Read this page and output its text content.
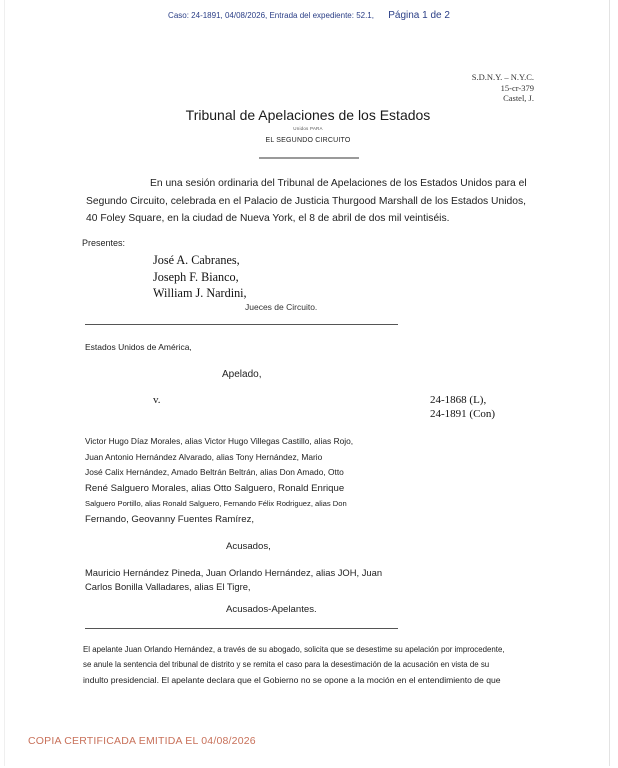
Caso: 24-1891, 04/08/2026, Entrada del expediente: 52.1, Página 1 de 2
S.D.N.Y. – N.Y.C.
15-cr-379
Castel, J.
Tribunal de Apelaciones de los Estados
Unidos PARA
EL SEGUNDO CIRCUITO
En una sesión ordinaria del Tribunal de Apelaciones de los Estados Unidos para el
Segundo Circuito, celebrada en el Palacio de Justicia Thurgood Marshall de los Estados Unidos,
40 Foley Square, en la ciudad de Nueva York, el 8 de abril de dos mil veintiséis.
Presentes:
José A. Cabranes,
Joseph F. Bianco,
William J. Nardini,
Jueces de Circuito.
Estados Unidos de América,
Apelado,
v.	24-1868 (L),
24-1891 (Con)
Victor Hugo Díaz Morales, alias Victor Hugo Villegas Castillo, alias Rojo,
Juan Antonio Hernández Alvarado, alias Tony Hernández, Mario
José Calix Hernández, Amado Beltrán Beltrán, alias Don Amado, Otto
René Salguero Morales, alias Otto Salguero, Ronald Enrique
Salguero Portillo, alias Ronald Salguero, Fernando Félix Rodriguez, alias Don
Fernando, Geovanny Fuentes Ramírez,
Acusados,
Mauricio Hernández Pineda, Juan Orlando Hernández, alias JOH, Juan
Carlos Bonilla Valladares, alias El Tigre,
Acusados-Apelantes.
El apelante Juan Orlando Hernández, a través de su abogado, solicita que se desestime su apelación por improcedente,
se anule la sentencia del tribunal de distrito y se remita el caso para la desestimación de la acusación en vista de su
indulto presidencial. El apelante declara que el Gobierno no se opone a la moción en el entendimiento de que
COPIA CERTIFICADA EMITIDA EL 04/08/2026
